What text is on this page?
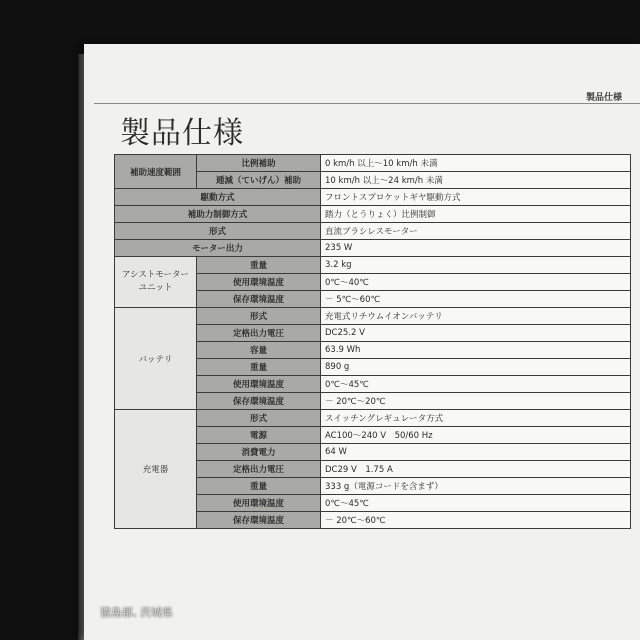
製品仕様
製品仕様
補助速度範囲	比例補助	0 km/h 以上～10 km/h 未満
	逓減（ていげん）補助	10 km/h 以上～24 km/h 未満
駆動方式		フロントスプロケットギヤ駆動方式
補助力制御方式		踏力（とうりょく）比例制御
形式		直流ブラシレスモーター
モーター出力		235 W
アシストモーター
ユニット	重量	3.2 kg
	使用環境温度	0℃～40℃
	保存環境温度	－ 5℃～60℃
バッテリ	形式	充電式リチウムイオンバッテリ
	定格出力電圧	DC25.2 V
	容量	63.9 Wh
	重量	890 g
	使用環境温度	0℃～45℃
	保存環境温度	－ 20℃～20℃
充電器	形式	スイッチングレギュレータ方式
	電源	AC100～240 V　50/60 Hz
	消費電力	64 W
	定格出力電圧	DC29 V　1.75 A
	重量	333 g（電源コードを含まず）
	使用環境温度	0℃～45℃
	保存環境温度	－ 20℃～60℃
猿島郡, 茨城県
